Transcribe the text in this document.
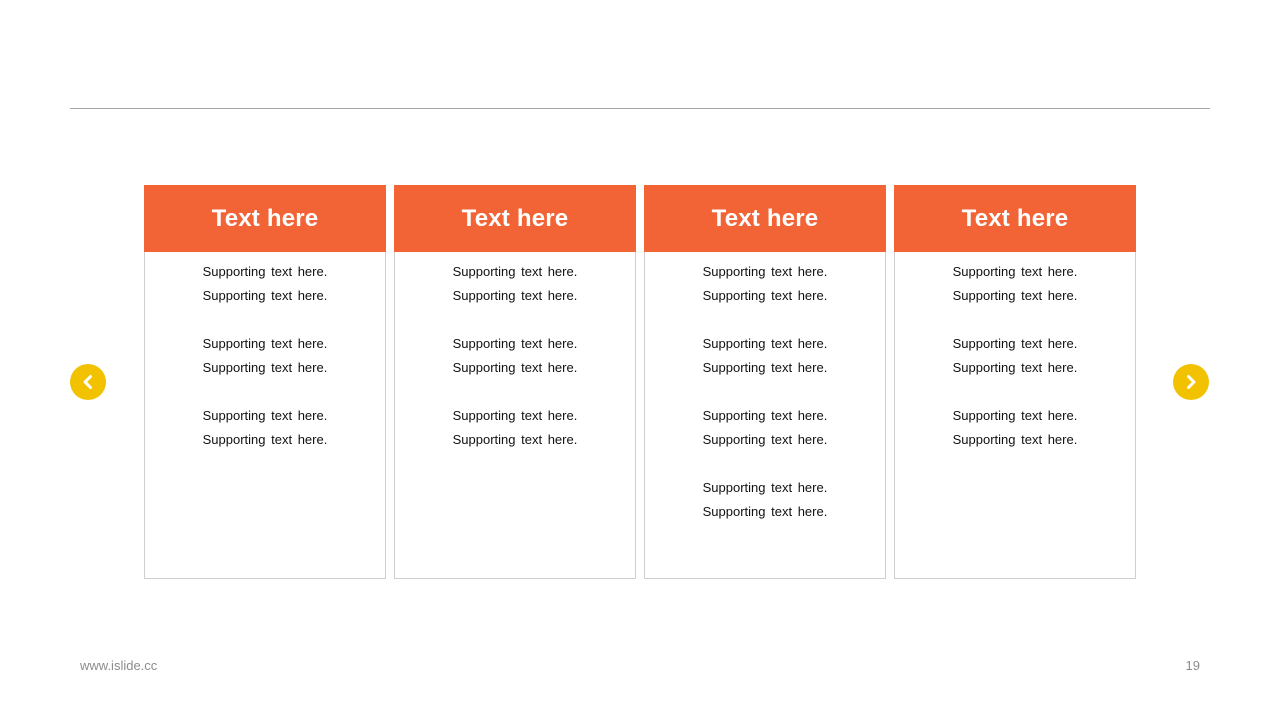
Text here
Supporting text here.
Supporting text here.
Supporting text here.
Supporting text here.
Supporting text here.
Supporting text here.
Text here
Supporting text here.
Supporting text here.
Supporting text here.
Supporting text here.
Supporting text here.
Supporting text here.
Text here
Supporting text here.
Supporting text here.
Supporting text here.
Supporting text here.
Supporting text here.
Supporting text here.
Supporting text here.
Supporting text here.
Text here
Supporting text here.
Supporting text here.
Supporting text here.
Supporting text here.
Supporting text here.
Supporting text here.
www.islide.cc	19
